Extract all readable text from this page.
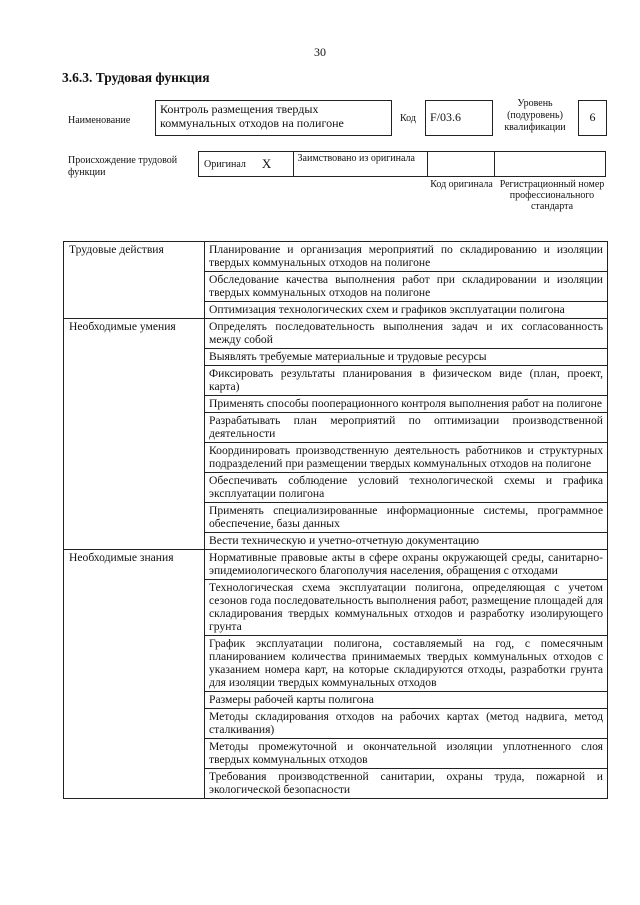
30
3.6.3. Трудовая функция
Наименование
Контроль размещения твердых коммунальных отходов на полигоне	Код	F/03.6
Уровень (подуровень) квалификации
6
Происхождение трудовой функции
Оригинал X	Заимствовано из оригинала
Код оригинала Регистрационный номер профессионального стандарта
Трудовые действия	Планирование и организация мероприятий по складированию и изоляции твердых коммунальных отходов на полигоне
	Обследование качества выполнения работ при складировании и изоляции твердых коммунальных отходов на полигоне
	Оптимизация технологических схем и графиков эксплуатации полигона
Необходимые умения	Определять последовательность выполнения задач и их согласованность между собой
	Выявлять требуемые материальные и трудовые ресурсы
	Фиксировать результаты планирования в физическом виде (план, проект, карта)
	Применять способы пооперационного контроля выполнения работ на полигоне
	Разрабатывать план мероприятий по оптимизации производственной деятельности
	Координировать производственную деятельность работников и структурных подразделений при размещении твердых коммунальных отходов на полигоне
	Обеспечивать соблюдение условий технологической схемы и графика эксплуатации полигона
	Применять специализированные информационные системы, программное обеспечение, базы данных
	Вести техническую и учетно-отчетную документацию
Необходимые знания	Нормативные правовые акты в сфере охраны окружающей среды, санитарно-эпидемиологического благополучия населения, обращения с отходами
	Технологическая схема эксплуатации полигона, определяющая с учетом сезонов года последовательность выполнения работ, размещение площадей для складирования твердых коммунальных отходов и разработку изолирующего грунта
	График эксплуатации полигона, составляемый на год, с помесячным планированием количества принимаемых твердых коммунальных отходов с указанием номера карт, на которые складируются отходы, разработки грунта для изоляции твердых коммунальных отходов
	Размеры рабочей карты полигона
	Методы складирования отходов на рабочих картах (метод надвига, метод сталкивания)
	Методы промежуточной и окончательной изоляции уплотненного слоя твердых коммунальных отходов
	Требования производственной санитарии, охраны труда, пожарной и экологической безопасности
